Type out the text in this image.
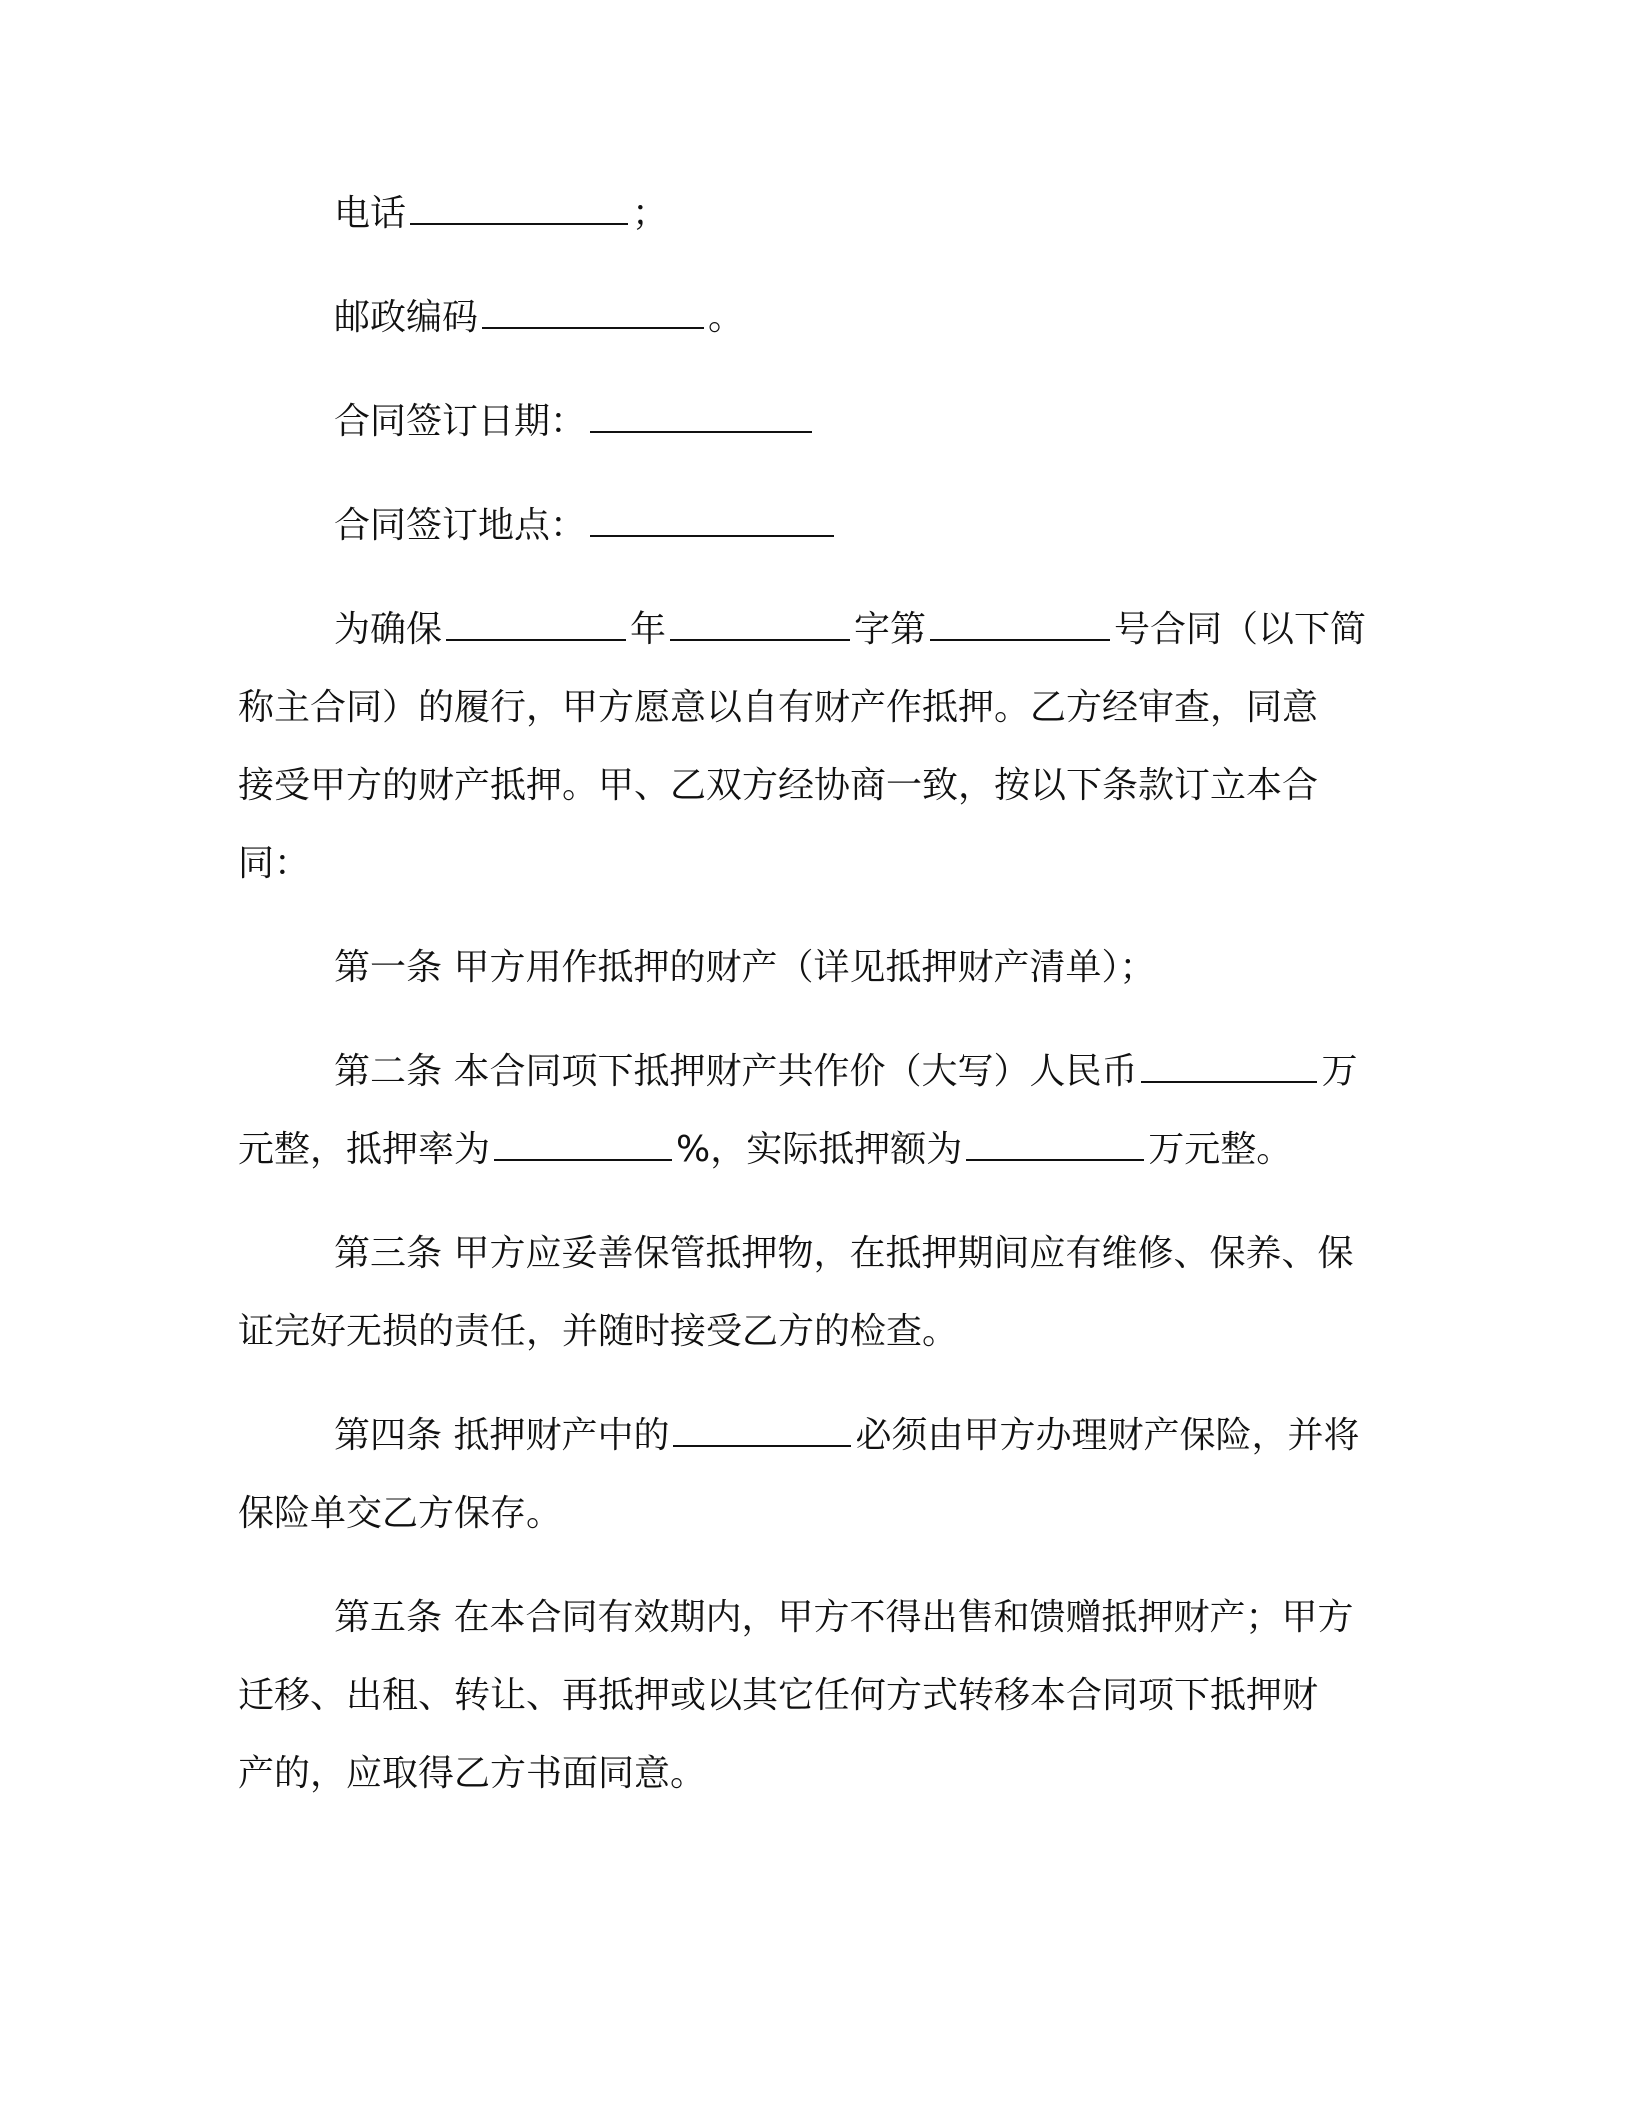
电话	；
邮政编码	。
合同签订日期：
合同签订地点：
为确保	年	字第	号合同（以下简
称主合同）的履行，甲方愿意以自有财产作抵押。乙方经审查，同意
接受甲方的财产抵押。甲、乙双方经协商一致，按以下条款订立本合
同：
第一条 甲方用作抵押的财产（详见抵押财产清单）；
第二条 本合同项下抵押财产共作价（大写）人民币	万
元整，抵押率为	%，实际抵押额为	万元整。
第三条 甲方应妥善保管抵押物，在抵押期间应有维修、保养、保
证完好无损的责任，并随时接受乙方的检查。
第四条 抵押财产中的	必须由甲方办理财产保险，并将
保险单交乙方保存。
第五条 在本合同有效期内，甲方不得出售和馈赠抵押财产；甲方
迁移、出租、转让、再抵押或以其它任何方式转移本合同项下抵押财
产的，应取得乙方书面同意。
